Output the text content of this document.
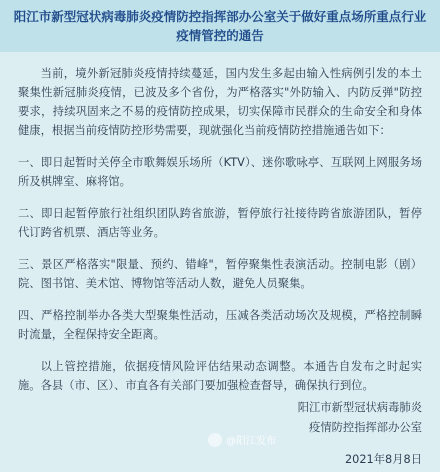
阳江市新型冠状病毒肺炎疫情防控指挥部办公室关于做好重点场所重点行业
疫情管控的通告

当前，境外新冠肺炎疫情持续蔓延，国内发生多起由输入性病例引发的本土聚集性新冠肺炎疫情，已波及多个省份，为严格落实"外防输入、内防反弹"防控要求，持续巩固来之不易的疫情防控成果，切实保障市民群众的生命安全和身体健康，根据当前疫情防控形势需要，现就强化当前疫情防控措施通告如下：

一、即日起暂时关停全市歌舞娱乐场所（KTV）、迷你歌咏亭、互联网上网服务场所及棋牌室、麻将馆。

二、即日起暂停旅行社组织团队跨省旅游，暂停旅行社接待跨省旅游团队，暂停代订跨省机票、酒店等业务。

三、景区严格落实"限量、预约、错峰"，暂停聚集性表演活动。控制电影（剧）院、图书馆、美术馆、博物馆等活动人数，避免人员聚集。

四、严格控制举办各类大型聚集性活动，压减各类活动场次及规模，严格控制瞬时流量，全程保持安全距离。

以上管控措施，依据疫情风险评估结果动态调整。本通告自发布之时起实施。各县（市、区）、市直各有关部门要加强检查督导，确保执行到位。

阳江市新型冠状病毒肺炎
疫情防控指挥部办公室
@阳江发布
2021年8月8日
